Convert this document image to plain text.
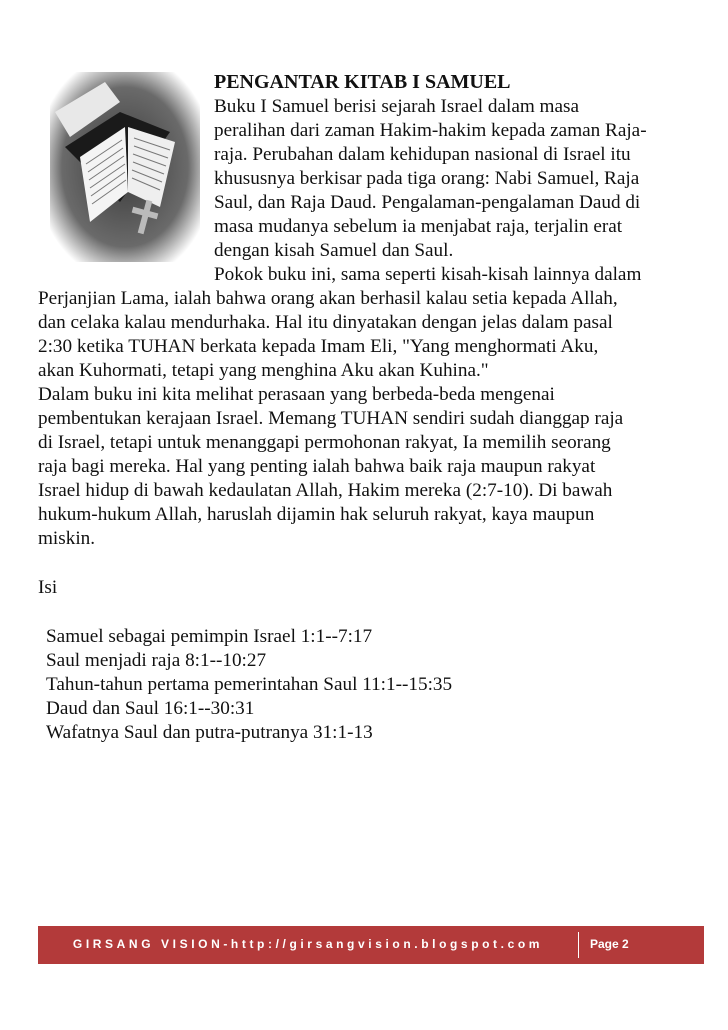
PENGANTAR KITAB I SAMUEL
Buku I Samuel berisi sejarah Israel dalam masa
peralihan dari zaman Hakim-hakim kepada zaman Raja-
raja. Perubahan dalam kehidupan nasional di Israel itu
khususnya berkisar pada tiga orang: Nabi Samuel, Raja
Saul, dan Raja Daud. Pengalaman-pengalaman Daud di
masa mudanya sebelum ia menjabat raja, terjalin erat
dengan kisah Samuel dan Saul.
Pokok buku ini, sama seperti kisah-kisah lainnya dalam
Perjanjian Lama, ialah bahwa orang akan berhasil kalau setia kepada Allah,
dan celaka kalau mendurhaka. Hal itu dinyatakan dengan jelas dalam pasal
2:30 ketika TUHAN berkata kepada Imam Eli, "Yang menghormati Aku,
akan Kuhormati, tetapi yang menghina Aku akan Kuhina."
Dalam buku ini kita melihat perasaan yang berbeda-beda mengenai
pembentukan kerajaan Israel. Memang TUHAN sendiri sudah dianggap raja
di Israel, tetapi untuk menanggapi permohonan rakyat, Ia memilih seorang
raja bagi mereka. Hal yang penting ialah bahwa baik raja maupun rakyat
Israel hidup di bawah kedaulatan Allah, Hakim mereka (2:7-10). Di bawah
hukum-hukum Allah, haruslah dijamin hak seluruh rakyat, kaya maupun
miskin.
Isi
Samuel sebagai pemimpin Israel 1:1--7:17
Saul menjadi raja 8:1--10:27
Tahun-tahun pertama pemerintahan Saul 11:1--15:35
Daud dan Saul 16:1--30:31
Wafatnya Saul dan putra-putranya 31:1-13
GIRSANG VISION-http://girsangvision.blogspot.com	Page 2
